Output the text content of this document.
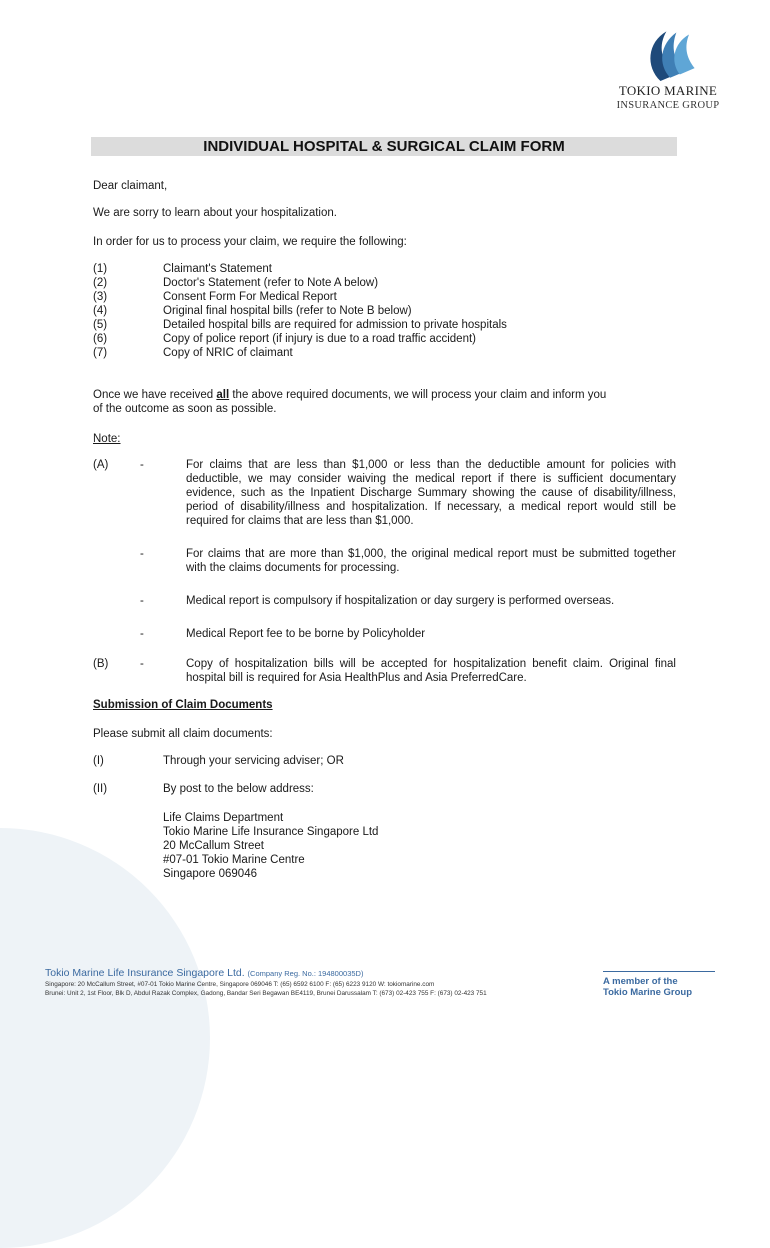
TOKIO MARINE
INSURANCE GROUP
INDIVIDUAL HOSPITAL & SURGICAL CLAIM FORM
Dear claimant,
We are sorry to learn about your hospitalization.
In order for us to process your claim, we require the following:
(1)	Claimant's Statement
(2)	Doctor's Statement (refer to Note A below)
(3)	Consent Form For Medical Report
(4)	Original final hospital bills (refer to Note B below)
(5)	Detailed hospital bills are required for admission to private hospitals
(6)	Copy of police report (if injury is due to a road traffic accident)
(7)	Copy of NRIC of claimant
Once we have received all the above required documents, we will process your claim and inform you
of the outcome as soon as possible.
Note:
(A)	-	For claims that are less than $1,000 or less than the deductible amount for policies with deductible, we may consider waiving the medical report if there is sufficient documentary evidence, such as the Inpatient Discharge Summary showing the cause of disability/illness, period of disability/illness and hospitalization. If necessary, a medical report would still be required for claims that are less than $1,000.
-	For claims that are more than $1,000, the original medical report must be submitted together with the claims documents for processing.
-	Medical report is compulsory if hospitalization or day surgery is performed overseas.
-	Medical Report fee to be borne by Policyholder
(B)	-	Copy of hospitalization bills will be accepted for hospitalization benefit claim. Original final hospital bill is required for Asia HealthPlus and Asia PreferredCare.
Submission of Claim Documents
Please submit all claim documents:
(I)	Through your servicing adviser; OR
(II)	By post to the below address:
Life Claims Department
Tokio Marine Life Insurance Singapore Ltd
20 McCallum Street
#07-01 Tokio Marine Centre
Singapore 069046
Tokio Marine Life Insurance Singapore Ltd. (Company Reg. No.: 194800035D)
Singapore: 20 McCallum Street, #07-01 Tokio Marine Centre, Singapore 069046 T: (65) 6592 6100 F: (65) 6223 9120 W: tokiomarine.com
Brunei: Unit 2, 1st Floor, Blk D, Abdul Razak Complex, Gadong, Bandar Seri Begawan BE4119, Brunei Darussalam T: (673) 02-423 755 F: (673) 02-423 751
A member of the
Tokio Marine Group
